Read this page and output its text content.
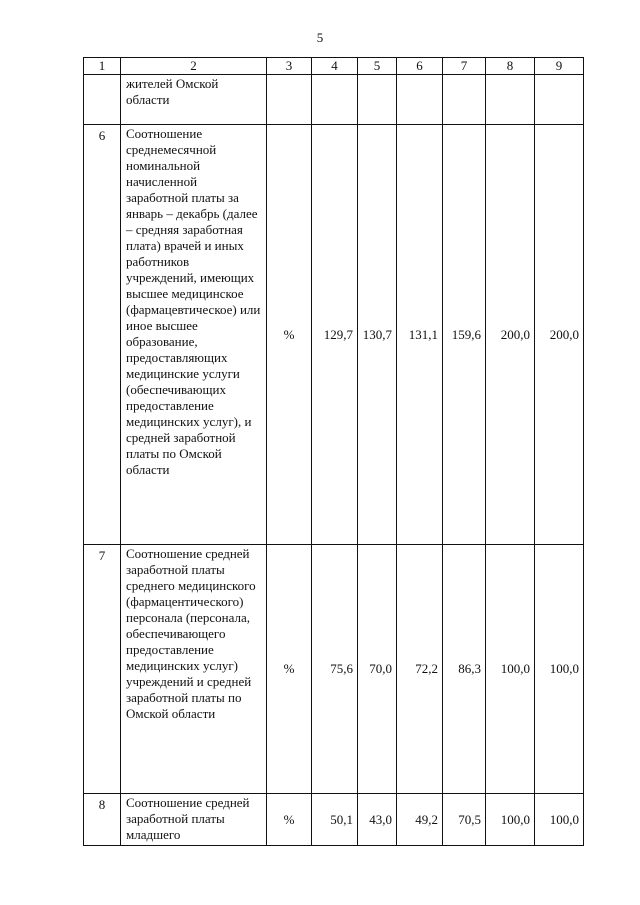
5
1	2	3	4	5	6	7	8	9
	жителей Омской области							
6	Соотношение среднемесячной номинальной начисленной заработной платы за январь – декабрь (далее – средняя заработная плата) врачей и иных работников учреждений, имеющих высшее медицинское (фармацевтическое) или иное высшее образование, предоставляющих медицинские услуги (обеспечивающих предоставление медицинских услуг), и средней заработной платы по Омской области	%	129,7	130,7	131,1	159,6	200,0	200,0
7	Соотношение средней заработной платы среднего медицинского (фармацентического) персонала (персонала, обеспечивающего предоставление медицинских услуг) учреждений и средней заработной платы по Омской области	%	75,6	70,0	72,2	86,3	100,0	100,0
8	Соотношение средней заработной платы младшего	%	50,1	43,0	49,2	70,5	100,0	100,0
